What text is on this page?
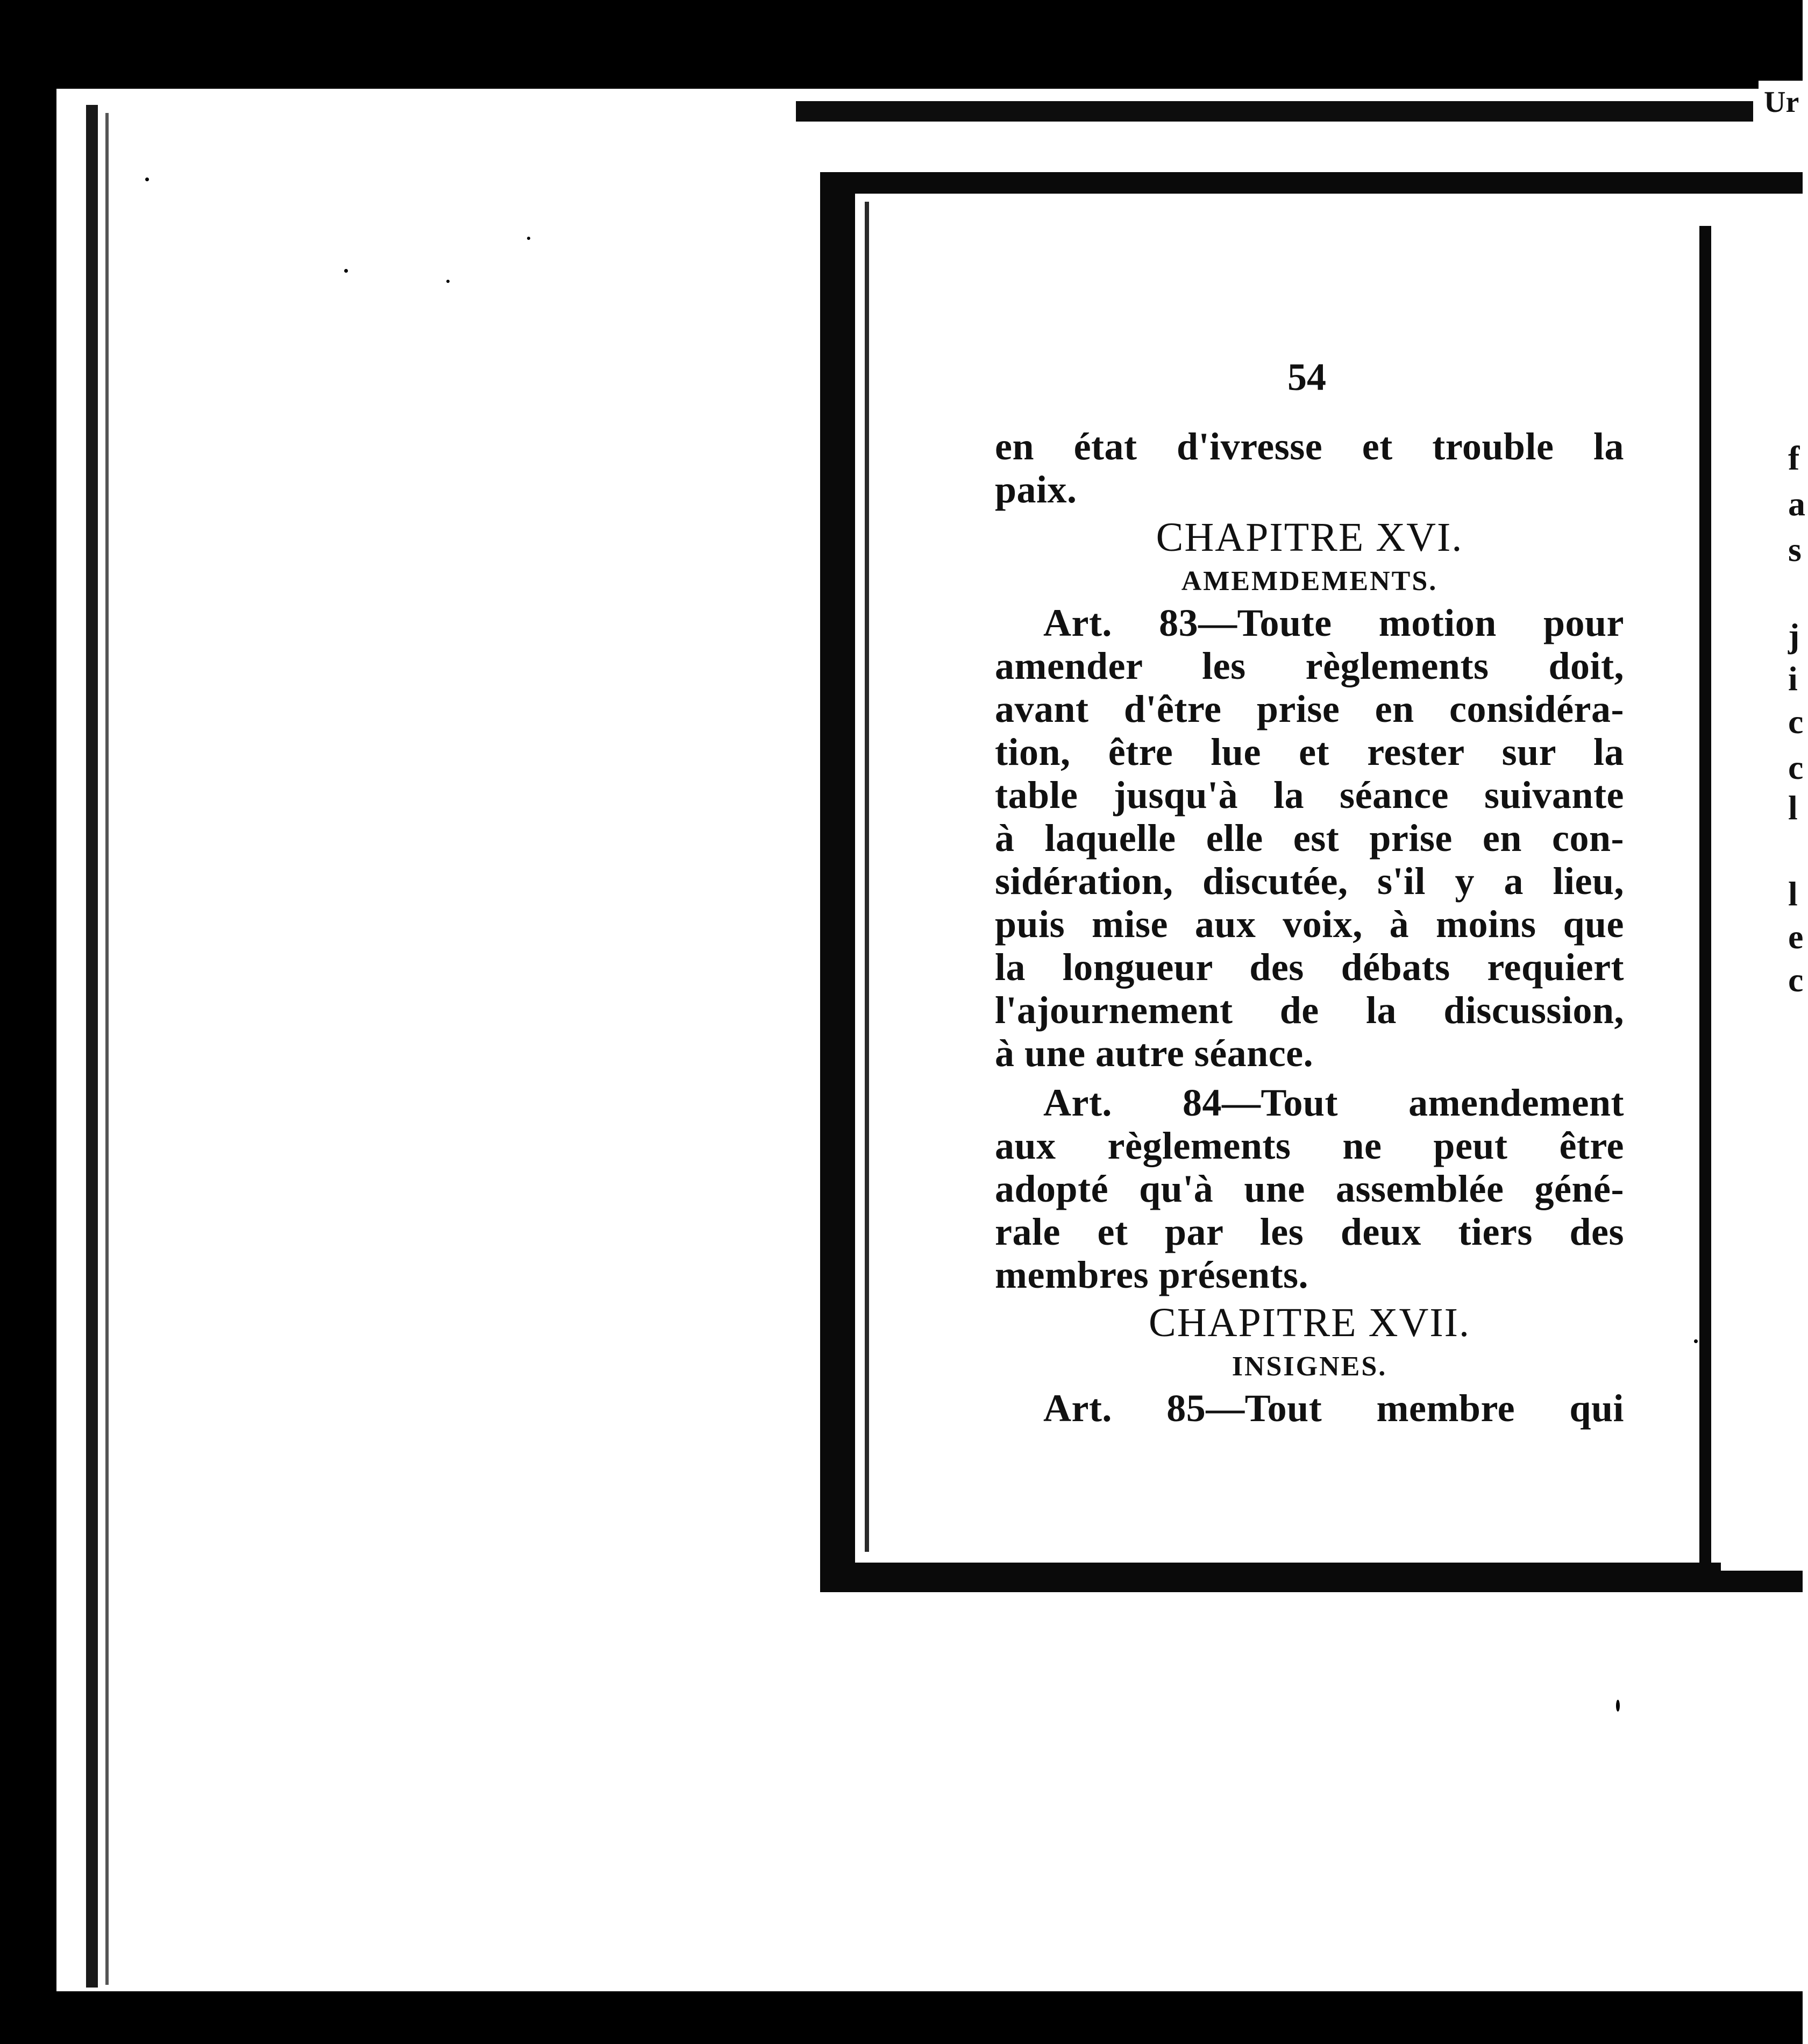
Ur
f
a
s
j
i
c
c
l
l
e
c
54
en état d'ivresse et trouble la
paix.
CHAPITRE XVI.
AMEMDEMENTS.
Art. 83—Toute motion pour
amender les règlements doit,
avant d'être prise en considéra-
tion, être lue et rester sur la
table jusqu'à la séance suivante
à laquelle elle est prise en con-
sidération, discutée, s'il y a lieu,
puis mise aux voix, à moins que
la longueur des débats requiert
l'ajournement de la discussion,
à une autre séance.
Art. 84—Tout amendement
aux règlements ne peut être
adopté qu'à une assemblée géné-
rale et par les deux tiers des
membres présents.
CHAPITRE XVII.
INSIGNES.
Art. 85—Tout membre qui
